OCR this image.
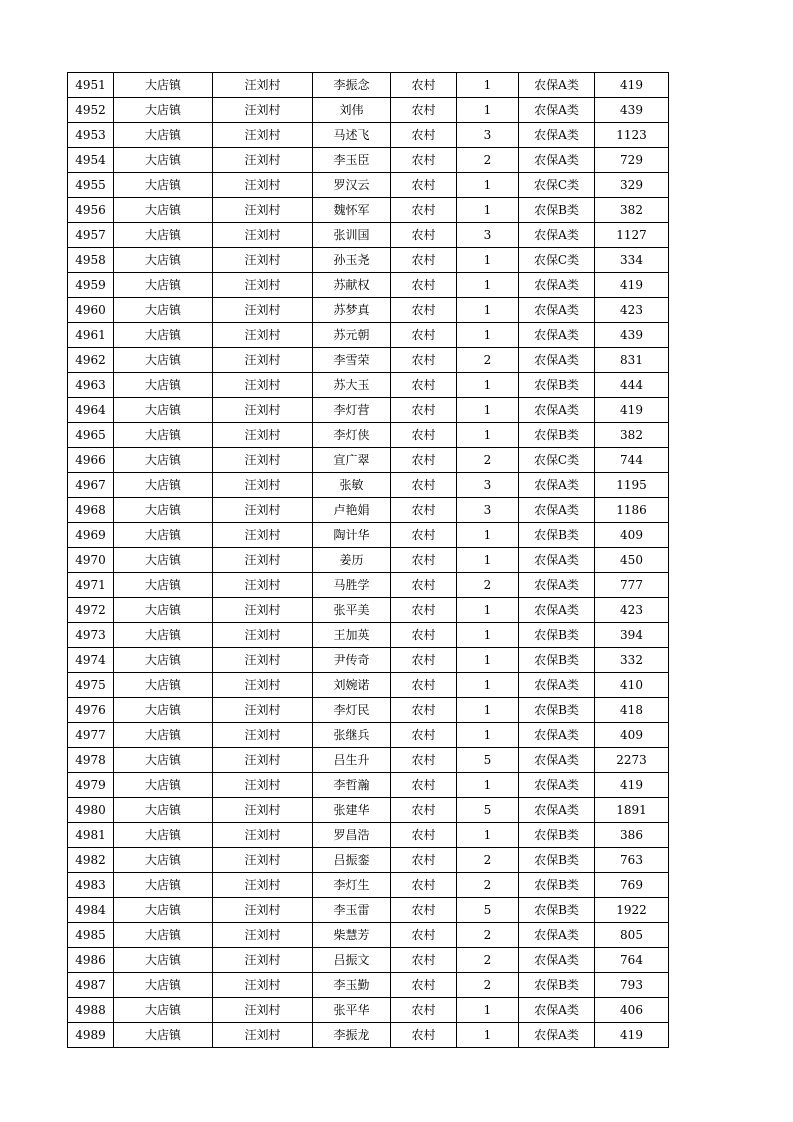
4951	大店镇	汪刘村	李振念	农村	1	农保A类	419
4952	大店镇	汪刘村	刘伟	农村	1	农保A类	439
4953	大店镇	汪刘村	马述飞	农村	3	农保A类	1123
4954	大店镇	汪刘村	李玉臣	农村	2	农保A类	729
4955	大店镇	汪刘村	罗汉云	农村	1	农保C类	329
4956	大店镇	汪刘村	魏怀军	农村	1	农保B类	382
4957	大店镇	汪刘村	张训国	农村	3	农保A类	1127
4958	大店镇	汪刘村	孙玉尧	农村	1	农保C类	334
4959	大店镇	汪刘村	苏献权	农村	1	农保A类	419
4960	大店镇	汪刘村	苏梦真	农村	1	农保A类	423
4961	大店镇	汪刘村	苏元朝	农村	1	农保A类	439
4962	大店镇	汪刘村	李雪荣	农村	2	农保A类	831
4963	大店镇	汪刘村	苏大玉	农村	1	农保B类	444
4964	大店镇	汪刘村	李灯营	农村	1	农保A类	419
4965	大店镇	汪刘村	李灯侠	农村	1	农保B类	382
4966	大店镇	汪刘村	宣广翠	农村	2	农保C类	744
4967	大店镇	汪刘村	张敏	农村	3	农保A类	1195
4968	大店镇	汪刘村	卢艳娟	农村	3	农保A类	1186
4969	大店镇	汪刘村	陶计华	农村	1	农保B类	409
4970	大店镇	汪刘村	姜历	农村	1	农保A类	450
4971	大店镇	汪刘村	马胜学	农村	2	农保A类	777
4972	大店镇	汪刘村	张平美	农村	1	农保A类	423
4973	大店镇	汪刘村	王加英	农村	1	农保B类	394
4974	大店镇	汪刘村	尹传奇	农村	1	农保B类	332
4975	大店镇	汪刘村	刘婉诺	农村	1	农保A类	410
4976	大店镇	汪刘村	李灯民	农村	1	农保B类	418
4977	大店镇	汪刘村	张继兵	农村	1	农保A类	409
4978	大店镇	汪刘村	吕生升	农村	5	农保A类	2273
4979	大店镇	汪刘村	李哲瀚	农村	1	农保A类	419
4980	大店镇	汪刘村	张建华	农村	5	农保A类	1891
4981	大店镇	汪刘村	罗昌浩	农村	1	农保B类	386
4982	大店镇	汪刘村	吕振銮	农村	2	农保B类	763
4983	大店镇	汪刘村	李灯生	农村	2	农保B类	769
4984	大店镇	汪刘村	李玉雷	农村	5	农保B类	1922
4985	大店镇	汪刘村	柴慧芳	农村	2	农保A类	805
4986	大店镇	汪刘村	吕振文	农村	2	农保A类	764
4987	大店镇	汪刘村	李玉勤	农村	2	农保B类	793
4988	大店镇	汪刘村	张平华	农村	1	农保A类	406
4989	大店镇	汪刘村	李振龙	农村	1	农保A类	419
